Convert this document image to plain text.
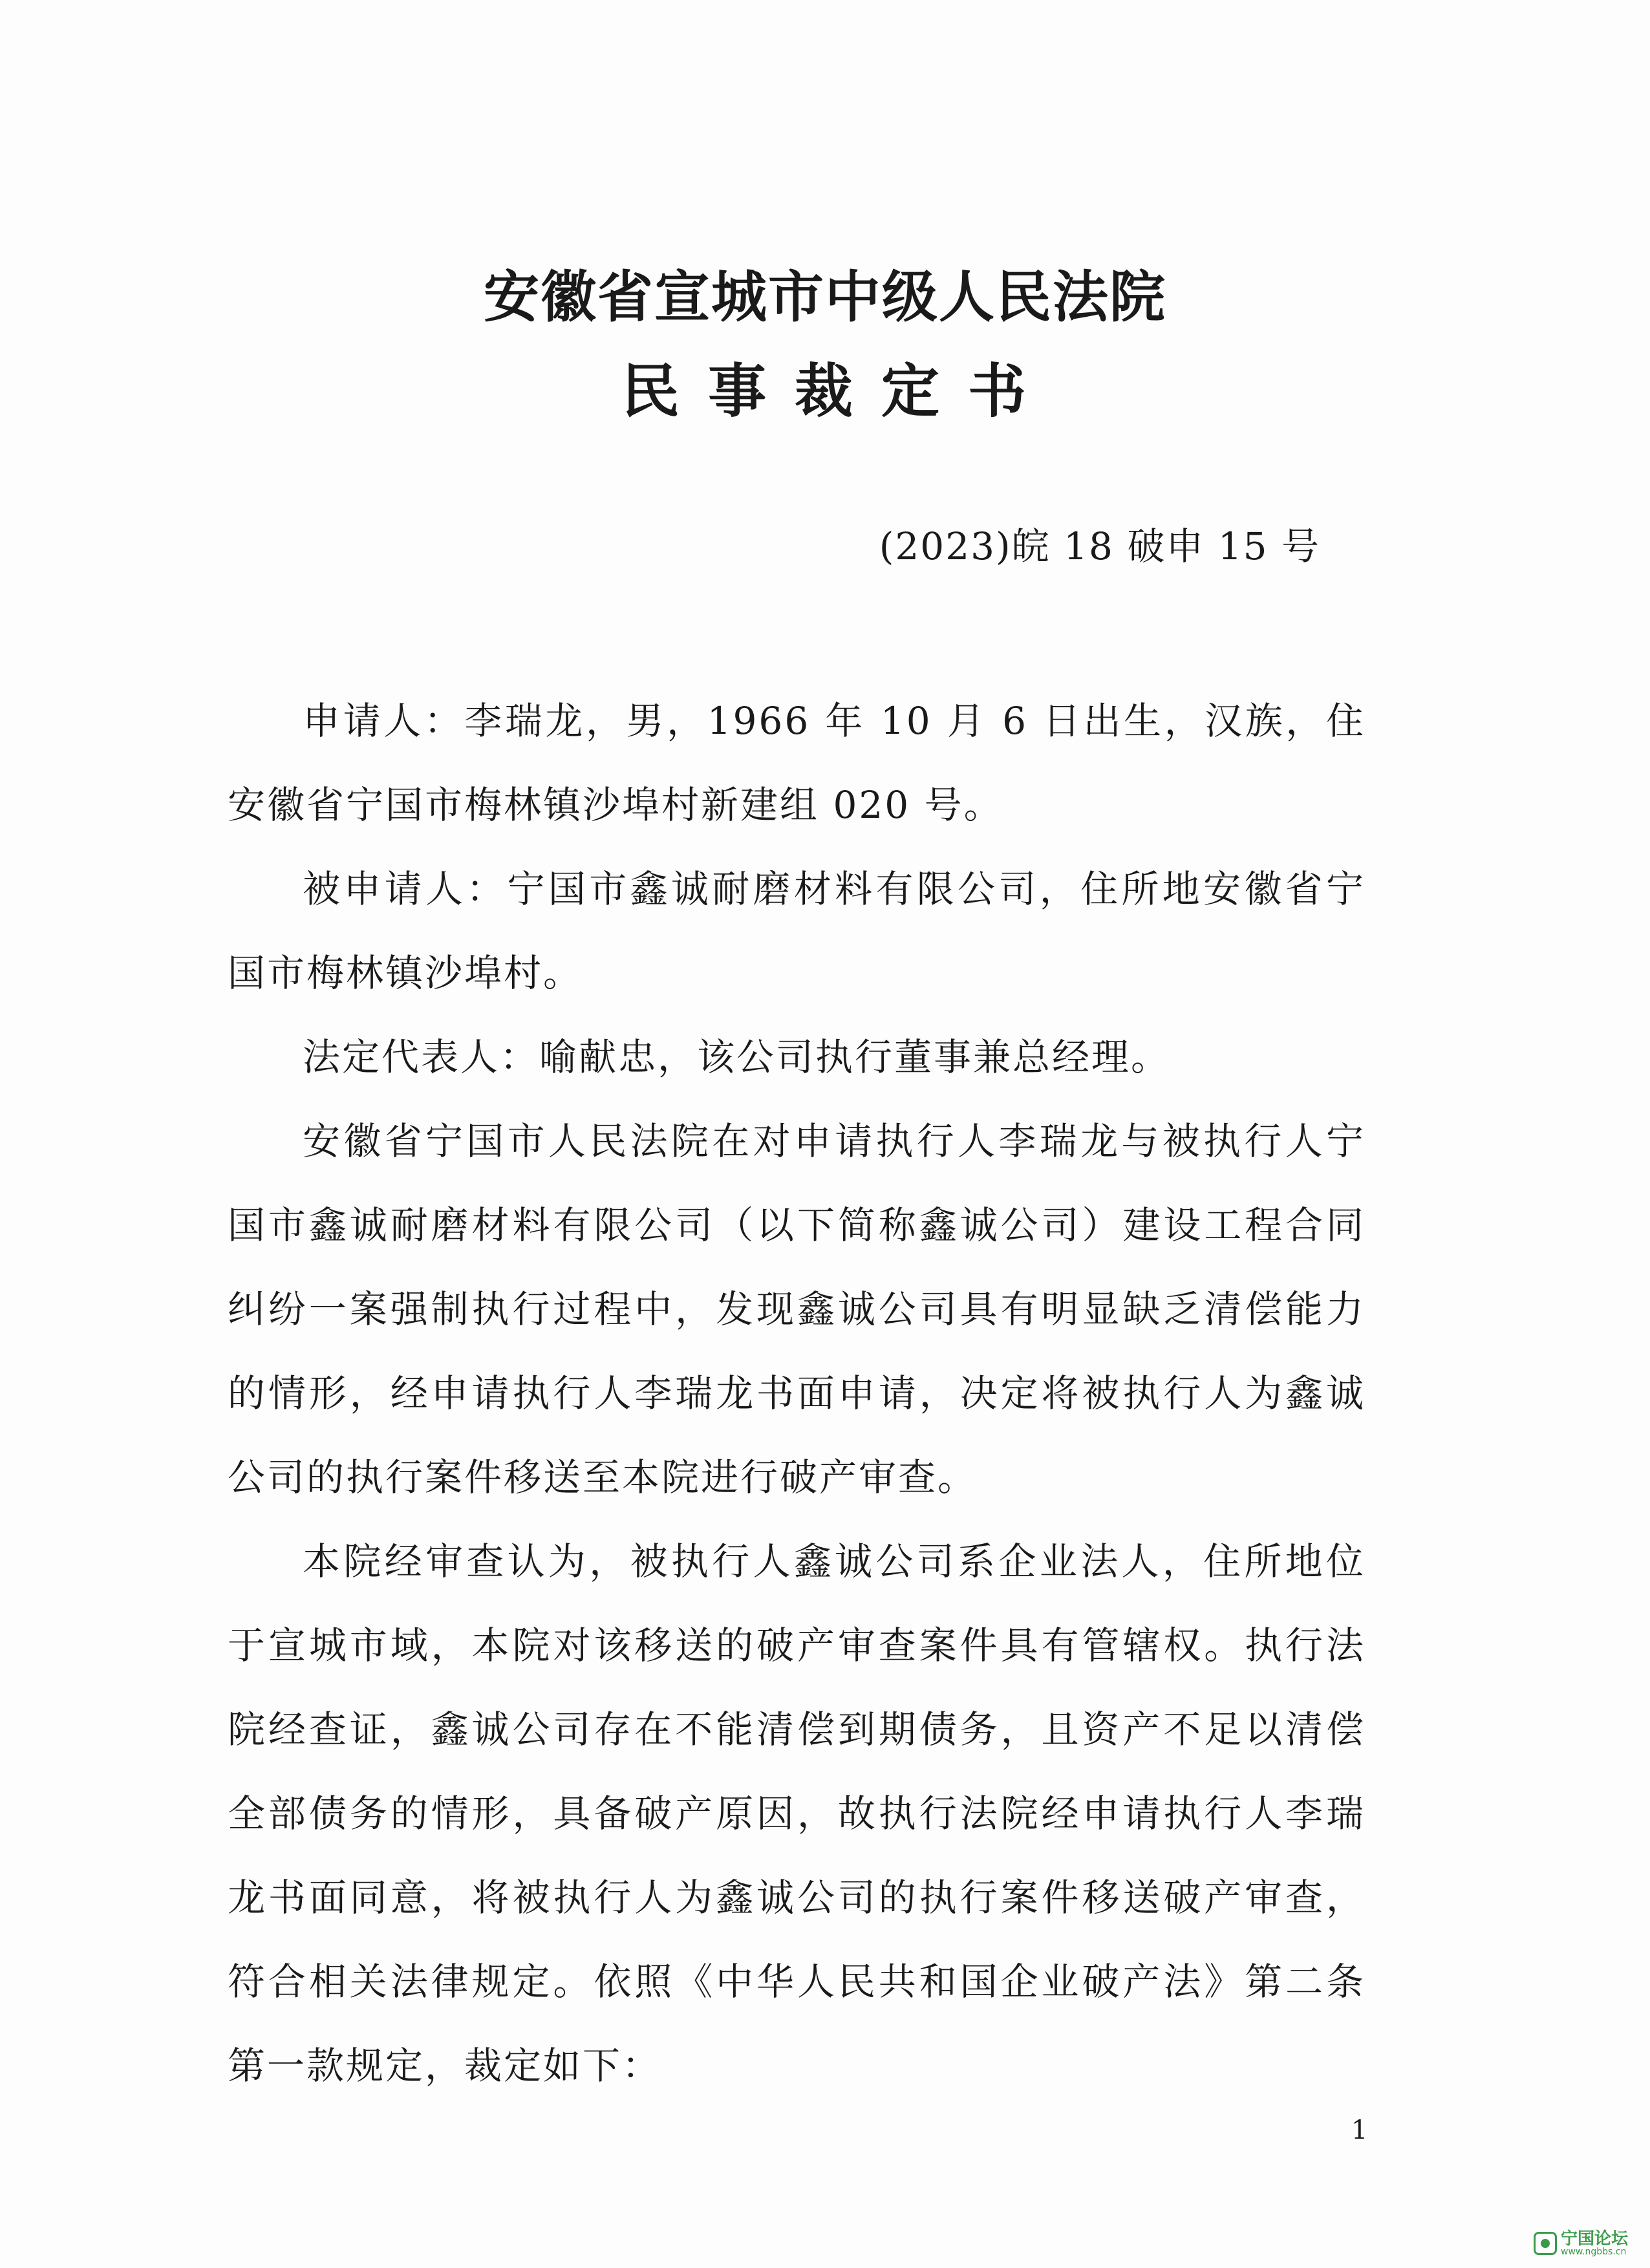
安徽省宣城市中级人民法院
民事裁定书
(2023)皖 18 破申 15 号

申请人：李瑞龙，男，1966 年 10 月 6 日出生，汉族，住安徽省宁国市梅林镇沙埠村新建组 020 号。

被申请人：宁国市鑫诚耐磨材料有限公司，住所地安徽省宁国市梅林镇沙埠村。

法定代表人：喻献忠，该公司执行董事兼总经理。

安徽省宁国市人民法院在对申请执行人李瑞龙与被执行人宁国市鑫诚耐磨材料有限公司（以下简称鑫诚公司）建设工程合同纠纷一案强制执行过程中，发现鑫诚公司具有明显缺乏清偿能力的情形，经申请执行人李瑞龙书面申请，决定将被执行人为鑫诚公司的执行案件移送至本院进行破产审查。

本院经审查认为，被执行人鑫诚公司系企业法人，住所地位于宣城市域，本院对该移送的破产审查案件具有管辖权。执行法院经查证，鑫诚公司存在不能清偿到期债务，且资产不足以清偿全部债务的情形，具备破产原因，故执行法院经申请执行人李瑞龙书面同意，将被执行人为鑫诚公司的执行案件移送破产审查，符合相关法律规定。依照《中华人民共和国企业破产法》第二条第一款规定，裁定如下：

1
宁国论坛
www.ngbbs.cn
